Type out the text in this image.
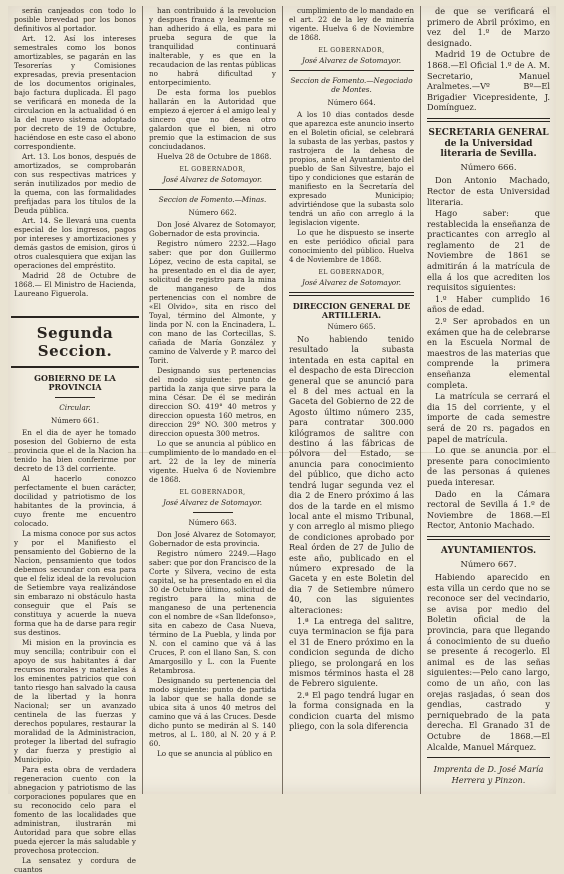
serán canjeados con todo lo posible brevedad por los bonos definitivos al portador.

Art. 12. Así los intereses semestrales como los bonos amortizables, se pagarán en las Tesorerías y Comisiones expresadas, previa presentacion de los documentos originales, bajo factura duplicada. El pago se verificará en moneda de la circulacion en la actualidad ó en la del nuevo sistema adoptado por decreto de 19 de Octubre, haciéndose en este caso el abono correspondiente.

Art. 13. Los bonos, después de amortizados, se comprobarán con sus respectivas matrices y serán inutilizados por medio de la quema, con las formalidades prefijadas para los títulos de la Deuda pública.

Art. 14. Se llevará una cuenta especial de los ingresos, pagos por intereses y amortizaciones y demás gastos de emision, giros ú otros cualesquiera que exijan las operaciones del empréstito.

Madrid 28 de Octubre de 1868.— El Ministro de Hacienda, Laureano Figuerola.

Segunda Seccion.

GOBIERNO DE LA PROVINCIA

Circular.

Número 661.

En el dia de ayer he tomado posesion del Gobierno de esta provincia que el de la Nacion ha tenido ha bien conferirme por decreto de 13 del corriente.

Al hacerlo conozco perfectamente el buen carácter, docilidad y patriotismo de los habitantes de la provincia, á cuyo frente me encuentro colocado.

La misma conoce por sus actos y por el Manifiesto el pensamiento del Gobierno de la Nacion, pensamiento que todos debemos secundar con esa para que el feliz ideal de la revolucion de Setiembre vaya realizándose sin embarazo ni obstáculo hasta conseguir que el País se constituya y acuerde la nueva forma que ha de darse para regir sus destinos.

Mi mision en la provincia es muy sencilla; contribuir con el apoyo de sus habitantes á dar recursos morales y materiales á los eminentes patricios que con tanto riesgo han salvado la causa de la libertad y la honra Nacional; ser un avanzado centinela de las fuerzas y derechos populares, restaurar la moralidad de la Administracion, proteger la libertad del sufragio y dar fuerza y prestigio al Municipio.

Para esta obra de verdadera regeneracion cuento con la abnegacion y patriotismo de las corporaciones populares que en su reconocido celo para el fomento de las localidades que administran, ilustrarán mi Autoridad para que sobre ellas pueda ejercer la más saludable y provechosa proteccion.

La sensatez y cordura de cuantos

han contribuido á la revolucion y despues franca y lealmente se han adherido á ella, es para mi prueba segura de que la tranquilidad continuará inalterable, y es que en la recaudacion de las rentas públicas no habrá dificultad y entorpecimiento.

De esta forma los pueblos hallarán en la Autoridad que empiezo á ejercer á el amigo leal y sincero que no desea otro galardon que el bien, ni otro premio que la estimacion de sus conciudadanos.

Huelva 28 de Octubre de 1868.

EL GOBERNADOR,

José Alvarez de Sotomayor.

Seccion de Fomento.—Minas.

Número 662.

Don José Alvarez de Sotomayor, Gobernador de esta provincia.

Registro número 2232.—Hago saber: que por don Guillermo López, vecino de esta capital, se ha presentado en el dia de ayer, solicitud de registro para la mina de manganeso de dos pertenencias con el nombre de «El Olvido», sita en risco del Toyal, término del Almonte, y linda por N. con la Encinadera, L. con mano de las Cortecillas, S. cañada de María González y camino de Valverde y P. marco del Torit.

Designando sus pertenencias del modo siguiente: punto de partida la zanja que sirve para la mina César. De él se medirán direccion SO. 419° 40 metros y direccion opuesta 160 metros, en direccion 29° NO. 300 metros y direccion opuesta 300 metros.

Lo que se anuncia al público en cumplimiento de lo mandado en el art. 22 de la ley de minería vigente. Huelva 6 de Noviembre de 1868.

EL GOBERNADOR,

José Alvarez de Sotomayor.

Número 663.

Don José Alvarez de Sotomayor, Gobernador de esta provincia.

Registro número 2249.—Hago saber: que por don Francisco de la Corte y Silvera, vecino de esta capital, se ha presentado en el dia 30 de Octubre último, solicitud de registro para la mina de manganeso de una pertenencia con el nombre de «San Ildefonso», sita en cabezo de Casa Nueva, término de La Puebla, y linda por N. con el camino que vá á las Cruces, P. con el llano San, S. con Amargosillo y L. con la Fuente Retambrosa.

Designando su pertenencia del modo siguiente: punto de partida la labor que se halla donde se ubica sita á unos 40 metros del camino que vá á las Cruces. Desde dicho punto se medirán al S. 140 metros, al L. 180, al N. 20 y á P. 60.

Lo que se anuncia al público en

cumplimiento de lo mandado en el art. 22 de la ley de minería vigente. Huelva 6 de Noviembre de 1868.

EL GOBERNADOR,

José Alvarez de Sotomayor.

Seccion de Fomento.—Negociado de Montes.

Número 664.

A los 10 dias contados desde que aparezca este anuncio inserto en el Boletin oficial, se celebrará la subasta de las yerbas, pastos y rastrojera de la dehesa de propios, ante el Ayuntamiento del pueblo de San Silvestre, bajo el tipo y condiciones que estarán de manifiesto en la Secretaría del expresado Municipio; advirtiéndose que la subasta solo tendrá un año con arreglo á la legislacion vigente.

Lo que he dispuesto se inserte en este periódico oficial para conocimiento del público. Huelva 4 de Noviembre de 1868.

EL GOBERNADOR,

José Alvarez de Sotomayor.

DIRECCION GENERAL DE ARTILLERIA.

Número 665.

No habiendo tenido resultado la subasta intentada en esta capital en el despacho de esta Direccion general que se anunció para el 8 del mes actual en la Gaceta del Gobierno de 22 de Agosto último número 235, para contratar 300.000 kilógramos de salitre con destino á las fábricas de pólvora del Estado, se anuncia para conocimiento del público, que dicho acto tendrá lugar segunda vez el dia 2 de Enero próximo á las dos de la tarde en el mismo local ante el mismo Tribunal, y con arreglo al mismo pliego de condiciones aprobado por Real órden de 27 de Julio de este año, publicado en el número expresado de la Gaceta y en este Boletin del dia 7 de Setiembre número 40, con las siguientes alteraciones:

1.ª La entrega del salitre, cuya terminacion se fija para el 31 de Enero próximo en la condicion segunda de dicho pliego, se prolongará en los mismos términos hasta el 28 de Febrero siguiente.

2.ª El pago tendrá lugar en la forma consignada en la condicion cuarta del mismo pliego, con la sola diferencia

de que se verificará el primero de Abril próximo, en vez del 1.º de Marzo designado.

Madrid 19 de Octubre de 1868.—El Oficial 1.º de A. M. Secretario, Manuel Aralmetes.—Vº Bº—El Brigadier Vicepresidente, J. Domínguez.

SECRETARIA GENERAL de la Universidad literaria de Sevilla.

Número 666.

Don Antonio Machado, Rector de esta Universidad literaria.

Hago saber: que restablecida la enseñanza de practicantes con arreglo al reglamento de 21 de Noviembre de 1861 se admitirán á la matrícula de ella á los que acrediten los requisitos siguientes:

1.º Haber cumplido 16 años de edad.

2.º Ser aprobados en un exámen que ha de celebrarse en la Escuela Normal de maestros de las materias que comprende la primera enseñanza elemental completa.

La matrícula se cerrará el dia 15 del corriente, y el importe de cada semestre será de 20 rs. pagados en papel de matrícula.

Lo que se anuncia por el presente para conocimiento de las personas á quienes pueda interesar.

Dado en la Cámara rectoral de Sevilla á 1.º de Noviembre de 1868.—El Rector, Antonio Machado.

AYUNTAMIENTOS.

Número 667.

Habiendo aparecido en esta villa un cerdo que no se reconoce ser del vecindario, se avisa por medio del Boletin oficial de la provincia, para que llegando á conocimiento de su dueño se presente á recogerlo. El animal es de las señas siguientes:—Pelo cano largo, como de un año, con las orejas rasjadas, ó sean dos gendias, castrado y perniquebrado de la pata derecha. El Granado 31 de Octubre de 1868.—El Alcalde, Manuel Márquez.

Imprenta de D. José María Herrera y Pinzon.
